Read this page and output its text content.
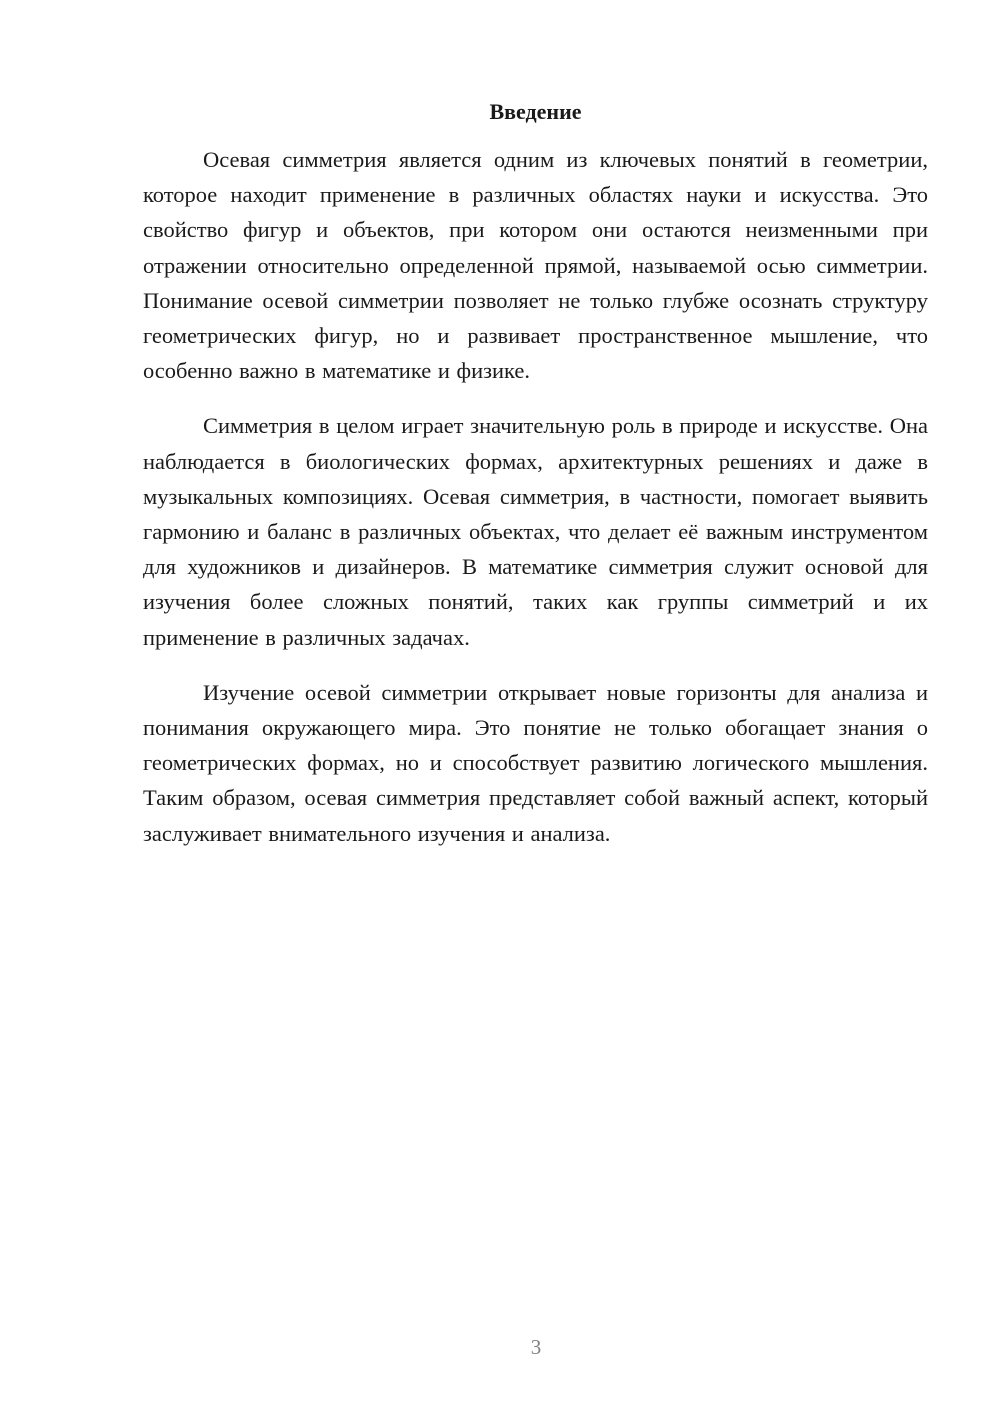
Введение

Осевая симметрия является одним из ключевых понятий в геометрии, которое находит применение в различных областях науки и искусства. Это свойство фигур и объектов, при котором они остаются неизменными при отражении относительно определенной прямой, называемой осью симметрии. Понимание осевой симметрии позволяет не только глубже осознать структуру геометрических фигур, но и развивает пространственное мышление, что особенно важно в математике и физике.

Симметрия в целом играет значительную роль в природе и искусстве. Она наблюдается в биологических формах, архитектурных решениях и даже в музыкальных композициях. Осевая симметрия, в частности, помогает выявить гармонию и баланс в различных объектах, что делает её важным инструментом для художников и дизайнеров. В математике симметрия служит основой для изучения более сложных понятий, таких как группы симметрий и их применение в различных задачах.

Изучение осевой симметрии открывает новые горизонты для анализа и понимания окружающего мира. Это понятие не только обогащает знания о геометрических формах, но и способствует развитию логического мышления. Таким образом, осевая симметрия представляет собой важный аспект, который заслуживает внимательного изучения и анализа.

3
